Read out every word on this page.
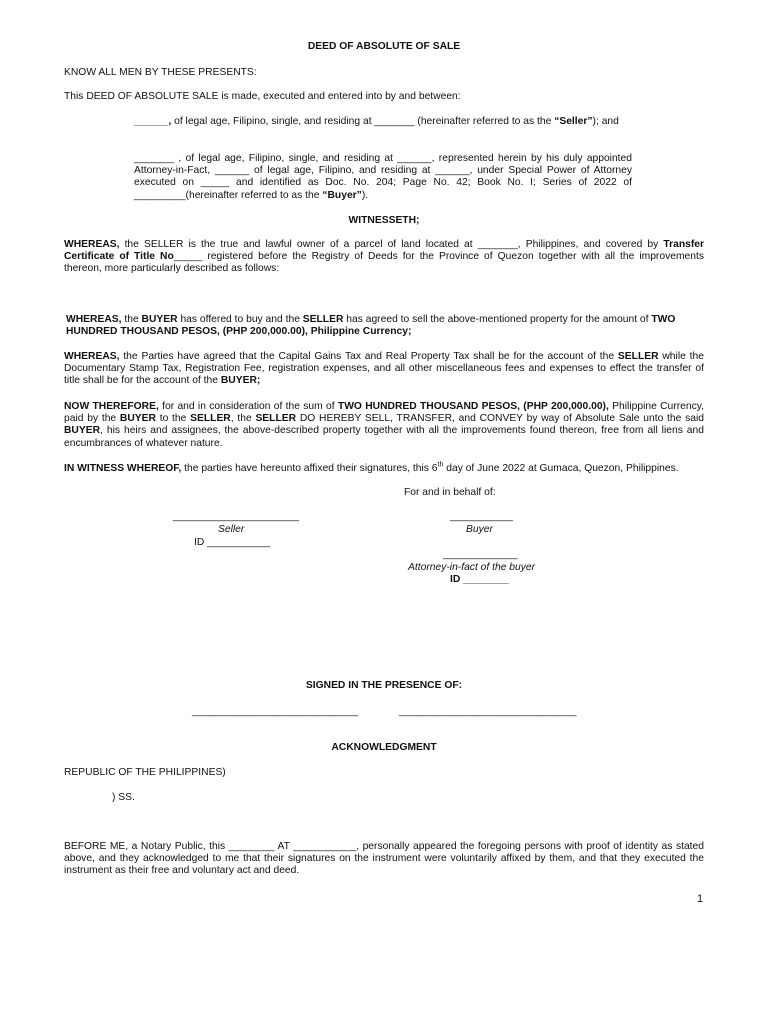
DEED OF ABSOLUTE OF SALE
KNOW ALL MEN BY THESE PRESENTS:
This DEED OF ABSOLUTE SALE is made, executed and entered into by and between:
______, of legal age, Filipino, single, and residing at _______ (hereinafter referred to as the “Seller”); and
_______ , of legal age, Filipino, single, and residing at ______, represented herein by his duly appointed Attorney-in-Fact, ______ of legal age, Filipino, and residing at ______, under Special Power of Attorney executed on _____ and identified as Doc. No. 204; Page No. 42; Book No. I; Series of 2022 of _________(hereinafter referred to as the “Buyer”).
WITNESSETH;
WHEREAS, the SELLER is the true and lawful owner of a parcel of land located at _______, Philippines, and covered by Transfer Certificate of Title No_____ registered before the Registry of Deeds for the Province of Quezon together with all the improvements thereon, more particularly described as follows:
WHEREAS, the BUYER has offered to buy and the SELLER has agreed to sell the above-mentioned property for the amount of TWO HUNDRED THOUSAND PESOS, (PHP 200,000.00), Philippine Currency;
WHEREAS, the Parties have agreed that the Capital Gains Tax and Real Property Tax shall be for the account of the SELLER while the Documentary Stamp Tax, Registration Fee, registration expenses, and all other miscellaneous fees and expenses to effect the transfer of title shall be for the account of the BUYER;
NOW THEREFORE, for and in consideration of the sum of TWO HUNDRED THOUSAND PESOS, (PHP 200,000.00), Philippine Currency, paid by the BUYER to the SELLER, the SELLER DO HEREBY SELL, TRANSFER, and CONVEY by way of Absolute Sale unto the said BUYER, his heirs and assignees, the above-described property together with all the improvements found thereon, free from all liens and encumbrances of whatever nature.
IN WITNESS WHEREOF, the parties have hereunto affixed their signatures, this 6th day of June 2022 at Gumaca, Quezon, Philippines.
For and in behalf of:
______________________
Seller
ID ___________
___________
Buyer
_____________
Attorney-in-fact of the buyer
ID ________
SIGNED IN THE PRESENCE OF:
_____________________________	_______________________________
ACKNOWLEDGMENT
REPUBLIC OF THE PHILIPPINES)
) SS.
BEFORE ME, a Notary Public, this ________ AT ___________, personally appeared the foregoing persons with proof of identity as stated above, and they acknowledged to me that their signatures on the instrument were voluntarily affixed by them, and that they executed the instrument as their free and voluntary act and deed.
1
